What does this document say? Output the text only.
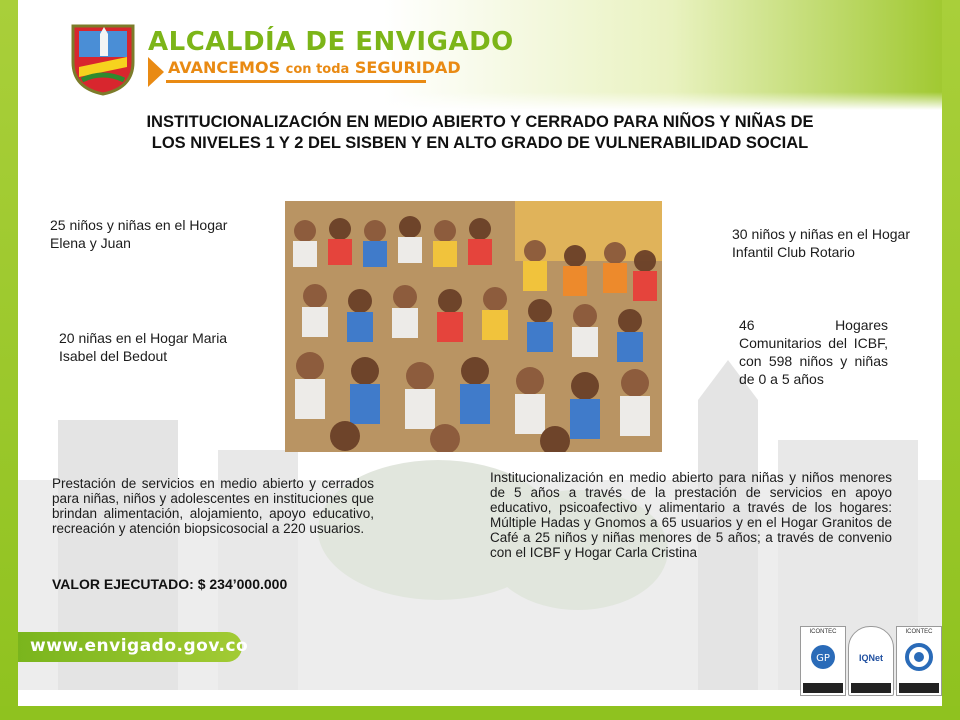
ALCALDÍA DE ENVIGADO
AVANCEMOS con toda SEGURIDAD
INSTITUCIONALIZACIÓN EN MEDIO ABIERTO Y CERRADO PARA NIÑOS Y NIÑAS DE
LOS NIVELES 1 Y 2 DEL SISBEN Y EN ALTO GRADO DE VULNERABILIDAD SOCIAL
25 niños y niñas en el Hogar Elena y Juan
20 niñas en el Hogar Maria Isabel del Bedout
30 niños y niñas en el Hogar Infantil Club Rotario
46 Hogares Comunitarios del ICBF, con 598 niños y niñas de 0 a 5 años
Prestación de servicios en medio abierto y cerrados para niñas, niños y adolescentes en instituciones que brindan alimentación, alojamiento, apoyo educativo, recreación y atención biopsicosocial a 220 usuarios.
VALOR EJECUTADO: $ 234’000.000
Institucionalización en medio abierto para niñas y niños menores de 5 años a través de la prestación de servicios en apoyo educativo, psicoafectivo y alimentario a través de los hogares: Múltiple Hadas y Gnomos a 65 usuarios y en el Hogar Granitos de Café a 25 niños y niñas menores de 5 años; a través de convenio con el ICBF y Hogar Carla Cristina
www.envigado.gov.co
ICONTEC
GP	IQNet
ICONTEC
